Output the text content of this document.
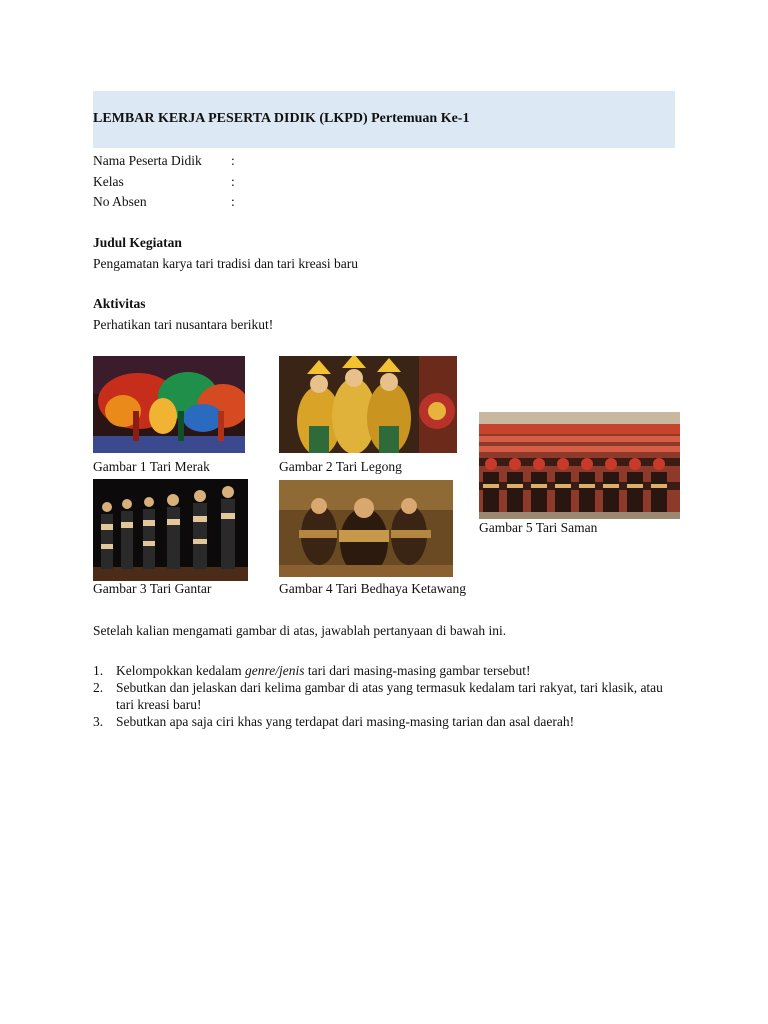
LEMBAR KERJA PESERTA DIDIK (LKPD) Pertemuan Ke-1
Nama Peserta Didik :
Kelas	:
No Absen	:
Judul Kegiatan
Pengamatan karya tari tradisi dan tari kreasi baru
Aktivitas
Perhatikan tari nusantara berikut!
Gambar 1 Tari Merak	Gambar 2 Tari Legong
Gambar 3 Tari Gantar	Gambar 4 Tari Bedhaya Ketawang
Gambar 5 Tari Saman
Setelah kalian mengamati gambar di atas, jawablah pertanyaan di bawah ini.
1. Kelompokkan kedalam genre/jenis tari dari masing-masing gambar tersebut!
2. Sebutkan dan jelaskan dari kelima gambar di atas yang termasuk kedalam tari rakyat, tari klasik, atau tari kreasi baru!
3. Sebutkan apa saja ciri khas yang terdapat dari masing-masing tarian dan asal daerah!
